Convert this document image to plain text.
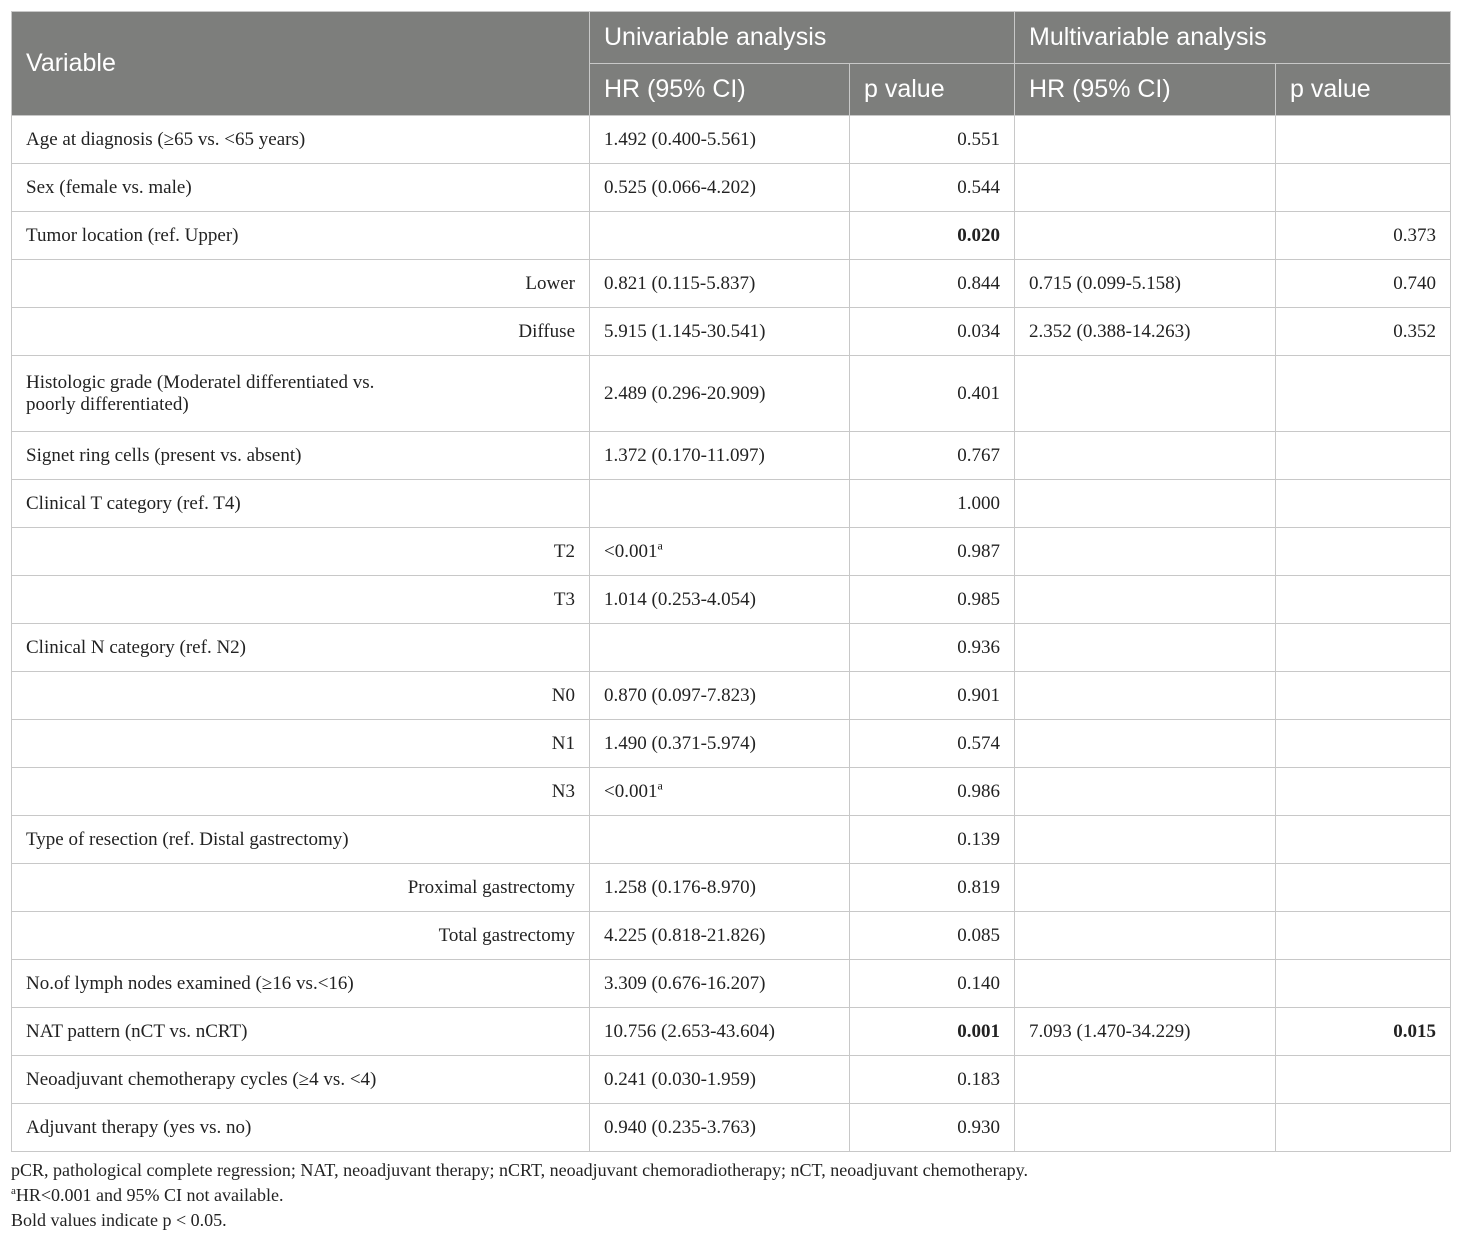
Variable	Univariable analysis		Multivariable analysis	
	HR (95% CI)	p value	HR (95% CI)	p value
Age at diagnosis (≥65 vs. <65 years)	1.492 (0.400-5.561)	0.551		
Sex (female vs. male)	0.525 (0.066-4.202)	0.544		
Tumor location (ref. Upper)		0.020		0.373
Lower	0.821 (0.115-5.837)	0.844	0.715 (0.099-5.158)	0.740
Diffuse	5.915 (1.145-30.541)	0.034	2.352 (0.388-14.263)	0.352
Histologic grade (Moderatel differentiated vs.
poorly differentiated)	2.489 (0.296-20.909)	0.401		
Signet ring cells (present vs. absent)	1.372 (0.170-11.097)	0.767		
Clinical T category (ref. T4)		1.000		
T2	<0.001$^a$	0.987		
T3	1.014 (0.253-4.054)	0.985		
Clinical N category (ref. N2)		0.936		
N0	0.870 (0.097-7.823)	0.901		
N1	1.490 (0.371-5.974)	0.574		
N3	<0.001$^a$	0.986		
Type of resection (ref. Distal gastrectomy)		0.139		
Proximal gastrectomy	1.258 (0.176-8.970)	0.819		
Total gastrectomy	4.225 (0.818-21.826)	0.085		
No.of lymph nodes examined (≥16 vs.<16)	3.309 (0.676-16.207)	0.140		
NAT pattern (nCT vs. nCRT)	10.756 (2.653-43.604)	0.001	7.093 (1.470-34.229)	0.015
Neoadjuvant chemotherapy cycles (≥4 vs. <4)	0.241 (0.030-1.959)	0.183		
Adjuvant therapy (yes vs. no)	0.940 (0.235-3.763)	0.930		
pCR, pathological complete regression; NAT, neoadjuvant therapy; nCRT, neoadjuvant chemoradiotherapy; nCT, neoadjuvant chemotherapy.
$^a$HR<0.001 and 95% CI not available.
Bold values indicate p < 0.05.
